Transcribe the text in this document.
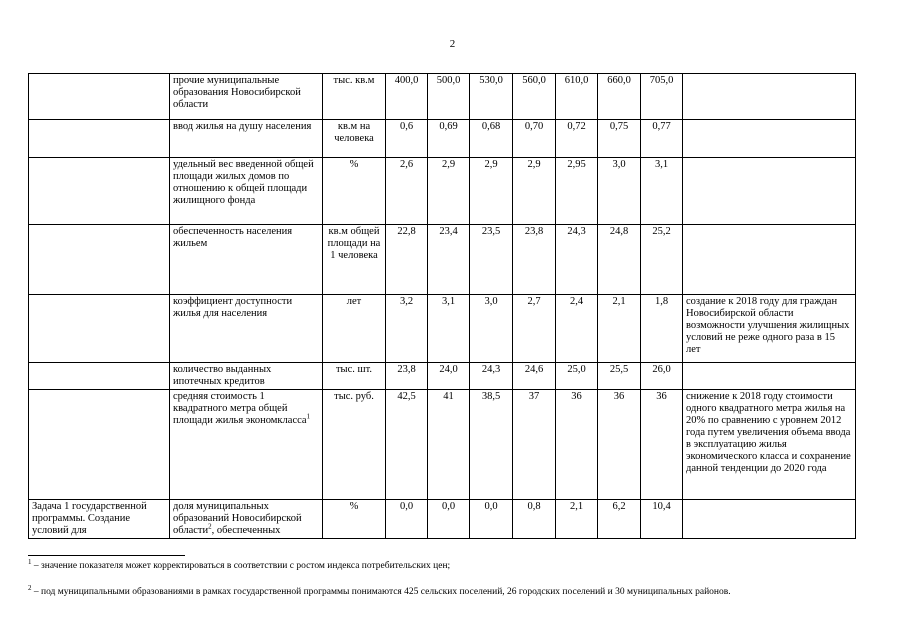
2
	прочие муниципальные образования Новосибирской области	тыс. кв.м	400,0	500,0	530,0	560,0	610,0	660,0	705,0	
	ввод жилья на душу населения	кв.м на человека	0,6	0,69	0,68	0,70	0,72	0,75	0,77	
	удельный вес введенной общей площади жилых домов по отношению к общей площади жилищного фонда	%	2,6	2,9	2,9	2,9	2,95	3,0	3,1	
	обеспеченность населения жильем	кв.м общей площади на 1 человека	22,8	23,4	23,5	23,8	24,3	24,8	25,2	
	коэффициент доступности жилья для населения	лет	3,2	3,1	3,0	2,7	2,4	2,1	1,8	создание к 2018 году для граждан Новосибирской области возможности улучшения жилищных условий не реже одного раза в 15 лет
	количество выданных ипотечных кредитов	тыс. шт.	23,8	24,0	24,3	24,6	25,0	25,5	26,0	
	средняя стоимость 1 квадратного метра общей площади жилья экономкласса$^1$	тыс. руб.	42,5	41	38,5	37	36	36	36	снижение к 2018 году стоимости одного квадратного метра жилья на 20% по сравнению с уровнем 2012 года путем увеличения объема ввода в эксплуатацию жилья экономического класса и сохранение данной тенденции до 2020 года
Задача 1 государственной программы. Создание условий для	доля муниципальных образований Новосибирской области$^2$, обеспеченных	%	0,0	0,0	0,0	0,8	2,1	6,2	10,4	
$^1$ – значение показателя может корректироваться в соответствии с ростом индекса потребительских цен;
$^2$ – под муниципальными образованиями в рамках государственной программы понимаются 425 сельских поселений, 26 городских поселений и 30 муниципальных районов.
